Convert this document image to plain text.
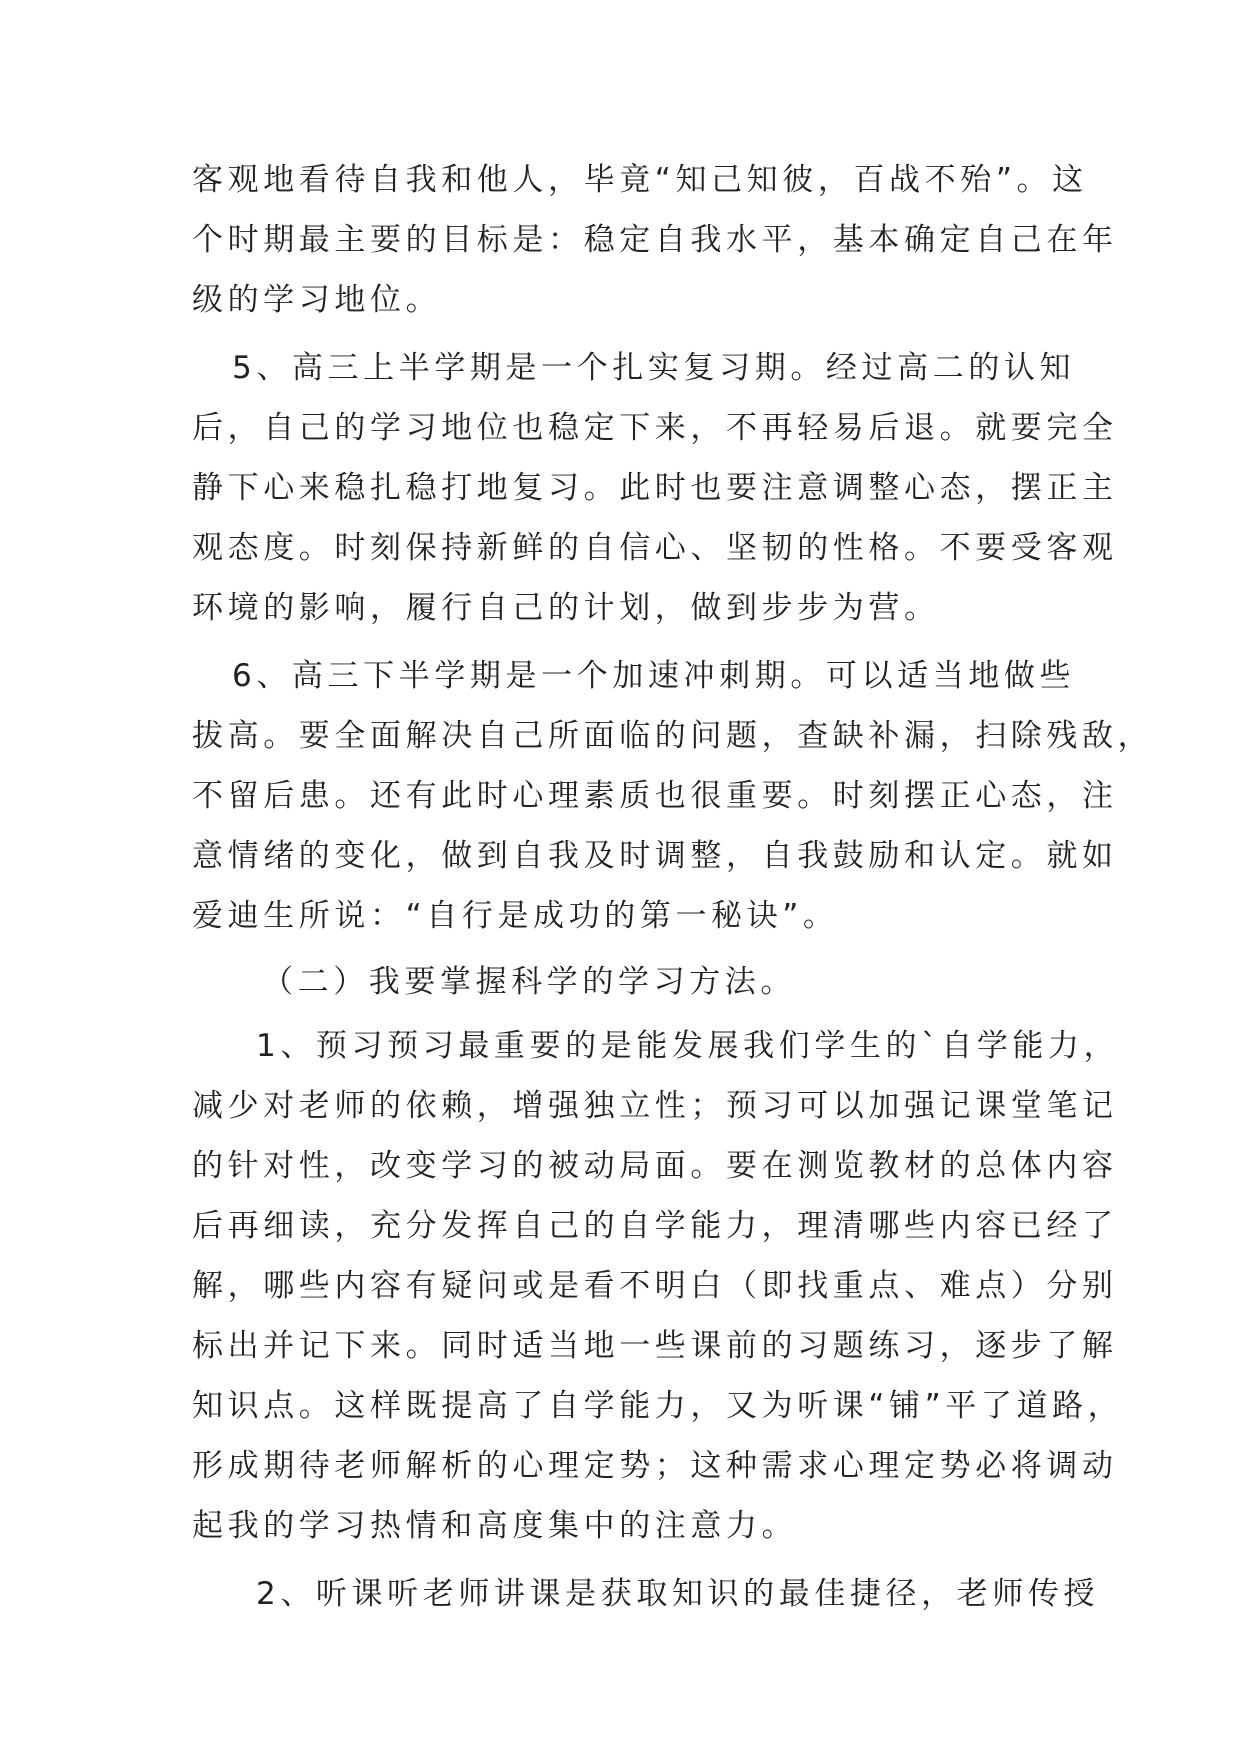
客观地看待自我和他人，毕竟“知己知彼，百战不殆”。这
个时期最主要的目标是：稳定自我水平，基本确定自己在年
级的学习地位。
5、高三上半学期是一个扎实复习期。经过高二的认知
后，自己的学习地位也稳定下来，不再轻易后退。就要完全
静下心来稳扎稳打地复习。此时也要注意调整心态，摆正主
观态度。时刻保持新鲜的自信心、坚韧的性格。不要受客观
环境的影响，履行自己的计划，做到步步为营。
6、高三下半学期是一个加速冲刺期。可以适当地做些
拔高。要全面解决自己所面临的问题，查缺补漏，扫除残敌，
不留后患。还有此时心理素质也很重要。时刻摆正心态，注
意情绪的变化，做到自我及时调整，自我鼓励和认定。就如
爱迪生所说：“自行是成功的第一秘诀”。
（二）我要掌握科学的学习方法。
1、预习预习最重要的是能发展我们学生的`自学能力，
减少对老师的依赖，增强独立性；预习可以加强记课堂笔记
的针对性，改变学习的被动局面。要在测览教材的总体内容
后再细读，充分发挥自己的自学能力，理清哪些内容已经了
解，哪些内容有疑问或是看不明白（即找重点、难点）分别
标出并记下来。同时适当地一些课前的习题练习，逐步了解
知识点。这样既提高了自学能力，又为听课“铺”平了道路，
形成期待老师解析的心理定势；这种需求心理定势必将调动
起我的学习热情和高度集中的注意力。
2、听课听老师讲课是获取知识的最佳捷径，老师传授
